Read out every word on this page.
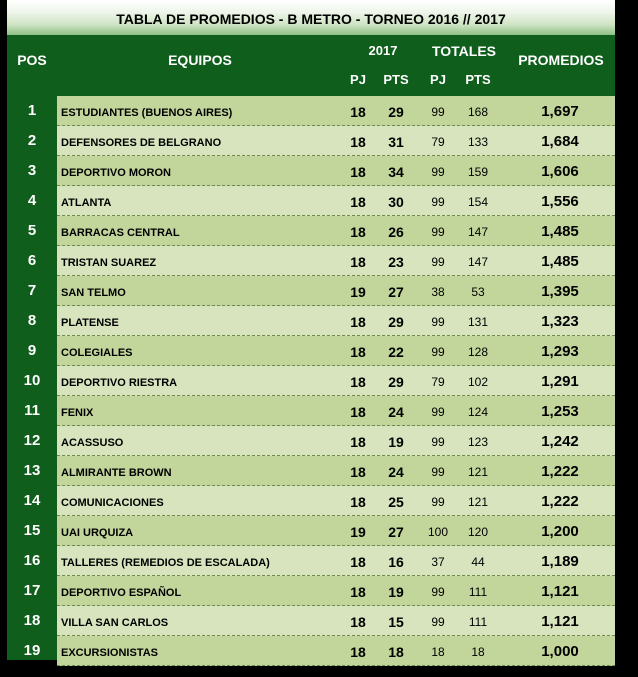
TABLA DE PROMEDIOS - B METRO - TORNEO 2016 // 2017
POS	EQUIPOS
2017	TOTALES
PROMEDIOS
PJ	PTS	PJ	PTS
1	ESTUDIANTES (BUENOS AIRES)	18	29	99	168	1,697
2	DEFENSORES DE BELGRANO	18	31	79	133	1,684
3	DEPORTIVO MORON	18	34	99	159	1,606
4	ATLANTA	18	30	99	154	1,556
5	BARRACAS CENTRAL	18	26	99	147	1,485
6	TRISTAN SUAREZ	18	23	99	147	1,485
7	SAN TELMO	19	27	38	53	1,395
8	PLATENSE	18	29	99	131	1,323
9	COLEGIALES	18	22	99	128	1,293
10	DEPORTIVO RIESTRA	18	29	79	102	1,291
11	FENIX	18	24	99	124	1,253
12	ACASSUSO	18	19	99	123	1,242
13	ALMIRANTE BROWN	18	24	99	121	1,222
14	COMUNICACIONES	18	25	99	121	1,222
15	UAI URQUIZA	19	27	100	120	1,200
16	TALLERES (REMEDIOS DE ESCALADA)	18	16	37	44	1,189
17	DEPORTIVO ESPAÑOL	18	19	99	111	1,121
18	VILLA SAN CARLOS	18	15	99	111	1,121
19	EXCURSIONISTAS	18	18	18	18	1,000
